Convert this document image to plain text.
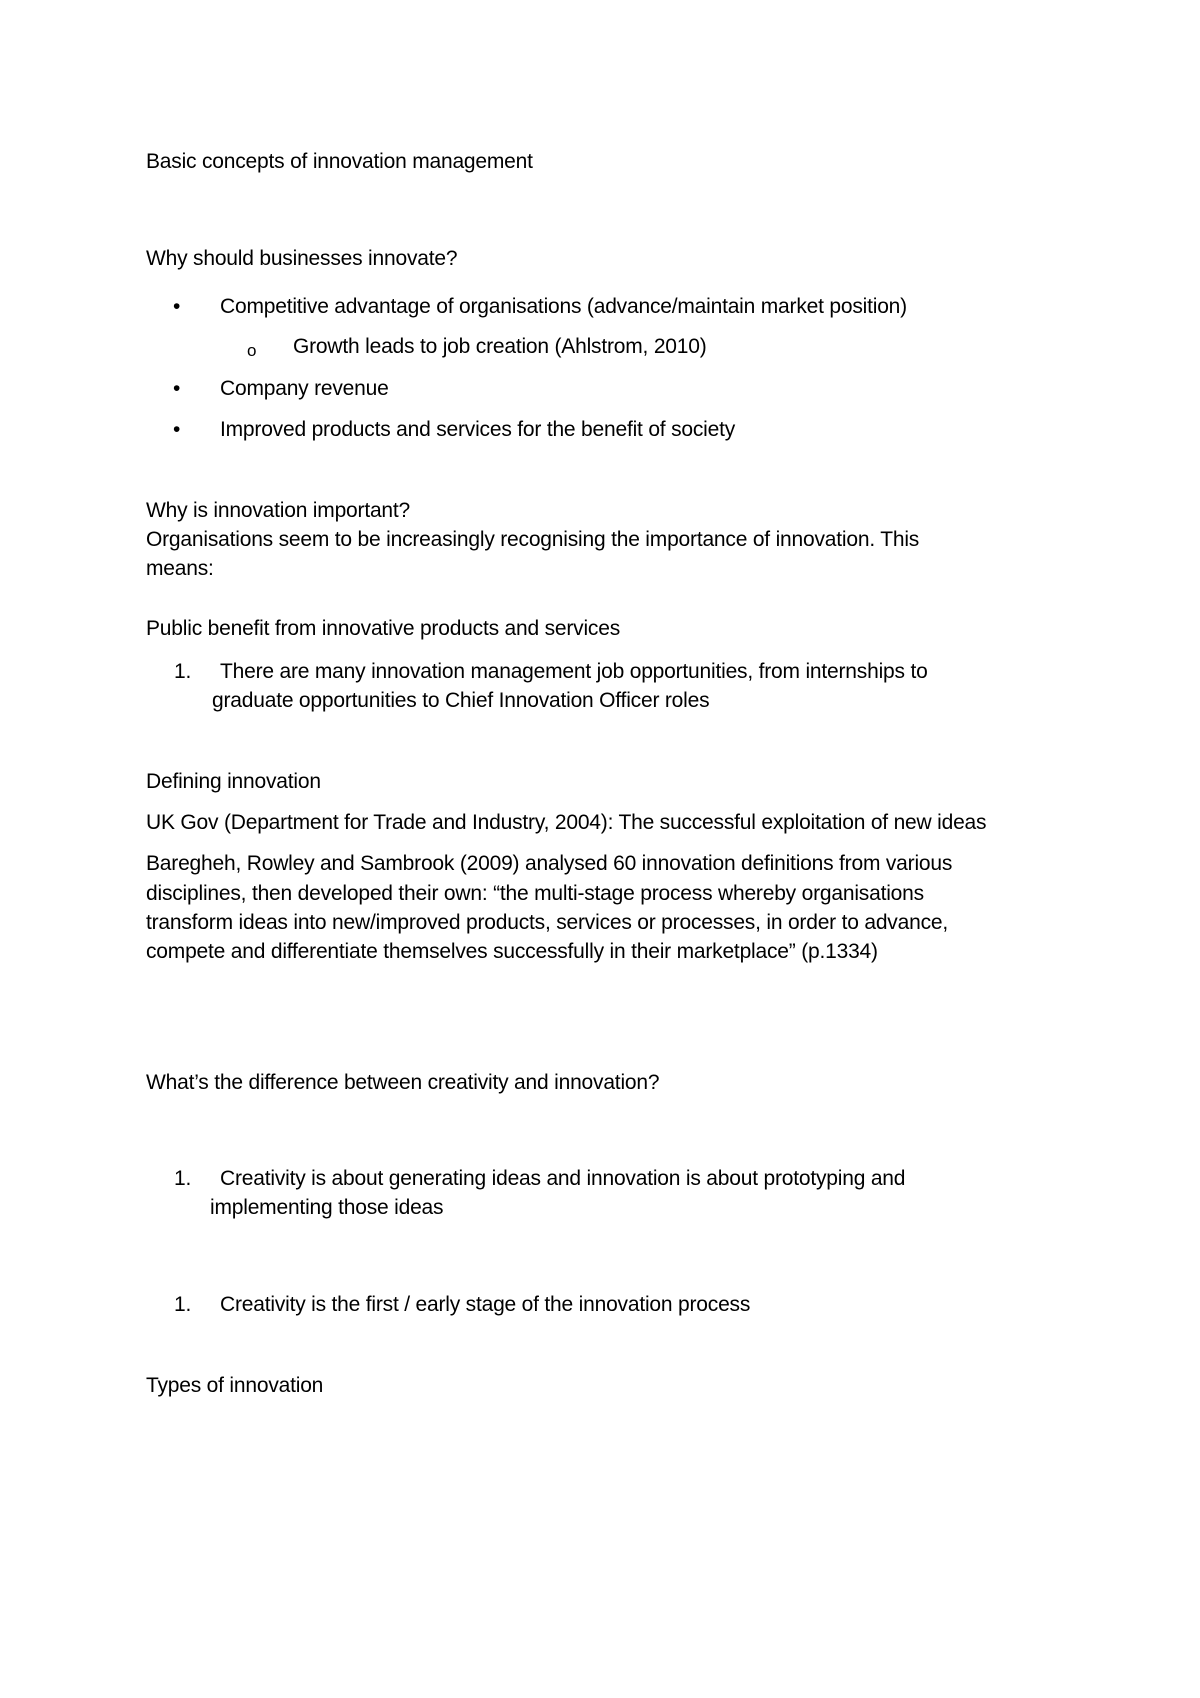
Basic concepts of innovation management
Why should businesses innovate?
• Competitive advantage of organisations (advance/maintain market position)
o Growth leads to job creation (Ahlstrom, 2010)
• Company revenue
• Improved products and services for the benefit of society
Why is innovation important?
Organisations seem to be increasingly recognising the importance of innovation. This
means:
Public benefit from innovative products and services
1. There are many innovation management job opportunities, from internships to
graduate opportunities to Chief Innovation Officer roles
Defining innovation
UK Gov (Department for Trade and Industry, 2004): The successful exploitation of new ideas
Baregheh, Rowley and Sambrook (2009) analysed 60 innovation definitions from various
disciplines, then developed their own: “the multi-stage process whereby organisations
transform ideas into new/improved products, services or processes, in order to advance,
compete and differentiate themselves successfully in their marketplace” (p.1334)
What’s the difference between creativity and innovation?
1. Creativity is about generating ideas and innovation is about prototyping and
implementing those ideas
1. Creativity is the first / early stage of the innovation process
Types of innovation
